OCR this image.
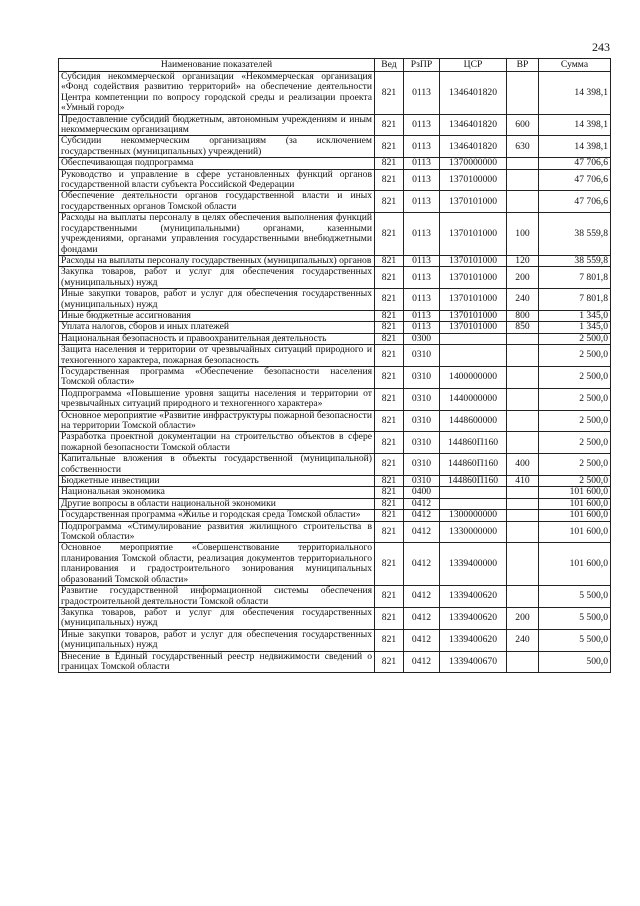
243
Наименование показателей	Вед	РзПР	ЦСР	ВР	Сумма
Субсидия некоммерческой организации «Некоммерческая организация «Фонд содействия развитию территорий» на обеспечение деятельности Центра компетенции по вопросу городской среды и реализации проекта «Умный город»	821	0113	1346401820		14 398,1
Предоставление субсидий бюджетным, автономным учреждениям и иным некоммерческим организациям	821	0113	1346401820	600	14 398,1
Субсидии некоммерческим организациям (за исключением государственных (муниципальных) учреждений)	821	0113	1346401820	630	14 398,1
Обеспечивающая подпрограмма	821	0113	1370000000		47 706,6
Руководство и управление в сфере установленных функций органов государственной власти субъекта Российской Федерации	821	0113	1370100000		47 706,6
Обеспечение деятельности органов государственной власти и иных государственных органов Томской области	821	0113	1370101000		47 706,6
Расходы на выплаты персоналу в целях обеспечения выполнения функций государственными (муниципальными) органами, казенными учреждениями, органами управления государственными внебюджетными фондами	821	0113	1370101000	100	38 559,8
Расходы на выплаты персоналу государственных (муниципальных) органов	821	0113	1370101000	120	38 559,8
Закупка товаров, работ и услуг для обеспечения государственных (муниципальных) нужд	821	0113	1370101000	200	7 801,8
Иные закупки товаров, работ и услуг для обеспечения государственных (муниципальных) нужд	821	0113	1370101000	240	7 801,8
Иные бюджетные ассигнования	821	0113	1370101000	800	1 345,0
Уплата налогов, сборов и иных платежей	821	0113	1370101000	850	1 345,0
Национальная безопасность и правоохранительная деятельность	821	0300			2 500,0
Защита населения и территории от чрезвычайных ситуаций природного и техногенного характера, пожарная безопасность	821	0310			2 500,0
Государственная программа «Обеспечение безопасности населения Томской области»	821	0310	1400000000		2 500,0
Подпрограмма «Повышение уровня защиты населения и территории от чрезвычайных ситуаций природного и техногенного характера»	821	0310	1440000000		2 500,0
Основное мероприятие «Развитие инфраструктуры пожарной безопасности на территории Томской области»	821	0310	1448600000		2 500,0
Разработка проектной документации на строительство объектов в сфере пожарной безопасности Томской области	821	0310	144860П160		2 500,0
Капитальные вложения в объекты государственной (муниципальной) собственности	821	0310	144860П160	400	2 500,0
Бюджетные инвестиции	821	0310	144860П160	410	2 500,0
Национальная экономика	821	0400			101 600,0
Другие вопросы в области национальной экономики	821	0412			101 600,0
Государственная программа «Жилье и городская среда Томской области»	821	0412	1300000000		101 600,0
Подпрограмма «Стимулирование развития жилищного строительства в Томской области»	821	0412	1330000000		101 600,0
Основное мероприятие «Совершенствование территориального планирования Томской области, реализация документов территориального планирования и градостроительного зонирования муниципальных образований Томской области»	821	0412	1339400000		101 600,0
Развитие государственной информационной системы обеспечения градостроительной деятельности Томской области	821	0412	1339400620		5 500,0
Закупка товаров, работ и услуг для обеспечения государственных (муниципальных) нужд	821	0412	1339400620	200	5 500,0
Иные закупки товаров, работ и услуг для обеспечения государственных (муниципальных) нужд	821	0412	1339400620	240	5 500,0
Внесение в Единый государственный реестр недвижимости сведений о границах Томской области	821	0412	1339400670		500,0
